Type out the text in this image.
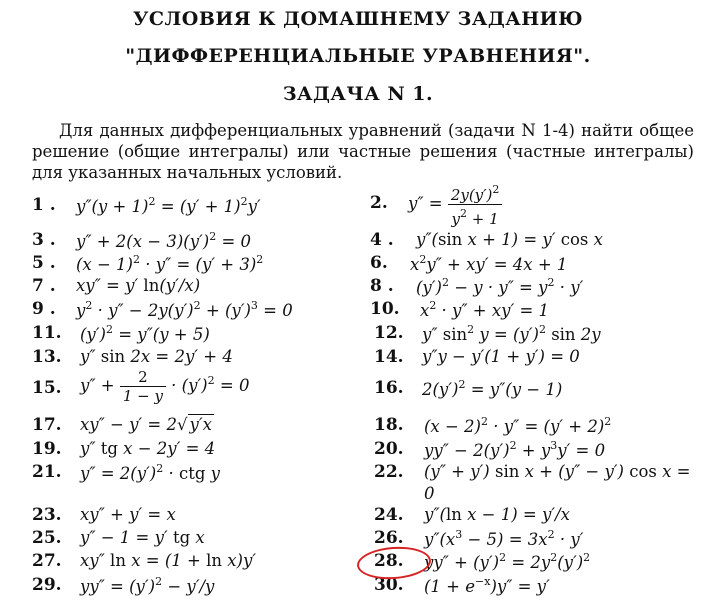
УСЛОВИЯ К ДОМАШНЕМУ ЗАДАНИЮ
"ДИФФЕРЕНЦИАЛЬНЫЕ УРАВНЕНИЯ".
ЗАДАЧА N 1.
Для данных дифференциальных уравнений (задачи N 1-4) найти общее решение (общие интегралы) или частные решения (частные интегралы) для указанных начальных условий.
1 . $y''(y + 1)^2 = (y' + 1)^2y'$
3 . $y'' + 2(x - 3)(y')^2 = 0$
5 . $(x - 1)^2 \cdot y'' = (y' + 3)^2$
7 . xy″ = y′ ln(y′/x)
9 . $y^2 \cdot y'' - 2y(y')^2 + (y')^3 = 0$
11. $(y')^2 = y''(y + 5)$
13. y″ sin 2x = 2y′ + 4
15. $y'' + \frac{2}{1 - y} \cdot (y')^2 = 0$
17. xy″ − y′ = 2√ y′x
19. y″ tg x − 2y′ = 4
21. $y'' = 2(y')^2$ · ctg y
23. xy″ + y′ = x
25. y″ − 1 = y′ tg x
27. xy″ ln x = (1 + ln x)y′
29. $yy'' = (y')^2 - y'/y$
2. $y'' = \frac{2y(y')^2}{y^2 + 1}$
4 . y″(sin x + 1) = y′ cos x
6. $x^2y'' + xy' = 4x + 1$
8 . $(y')^2 - y \cdot y'' = y^2 \cdot y'$
10. $x^2 \cdot y'' + xy' = 1$
12. y″ $\sin^2 y = (y')^2$ sin 2y
14. y″y − y′(1 + y′) = 0
16. $2(y')^2 = y''(y - 1)$
18. $(x - 2)^2 \cdot y'' = (y' + 2)^2$
20. $yy'' - 2(y')^2 + y^3y' = 0$
22. (y″ + y′) sin x + (y″ − y′) cos x =
0
24. y″(ln x − 1) = y′/x
26. $y''(x^3 - 5) = 3x^2 \cdot y'$
28. $yy'' + (y')^2 = 2y^2(y')^2$
30. $(1 + e^{-x})y'' = y'$
